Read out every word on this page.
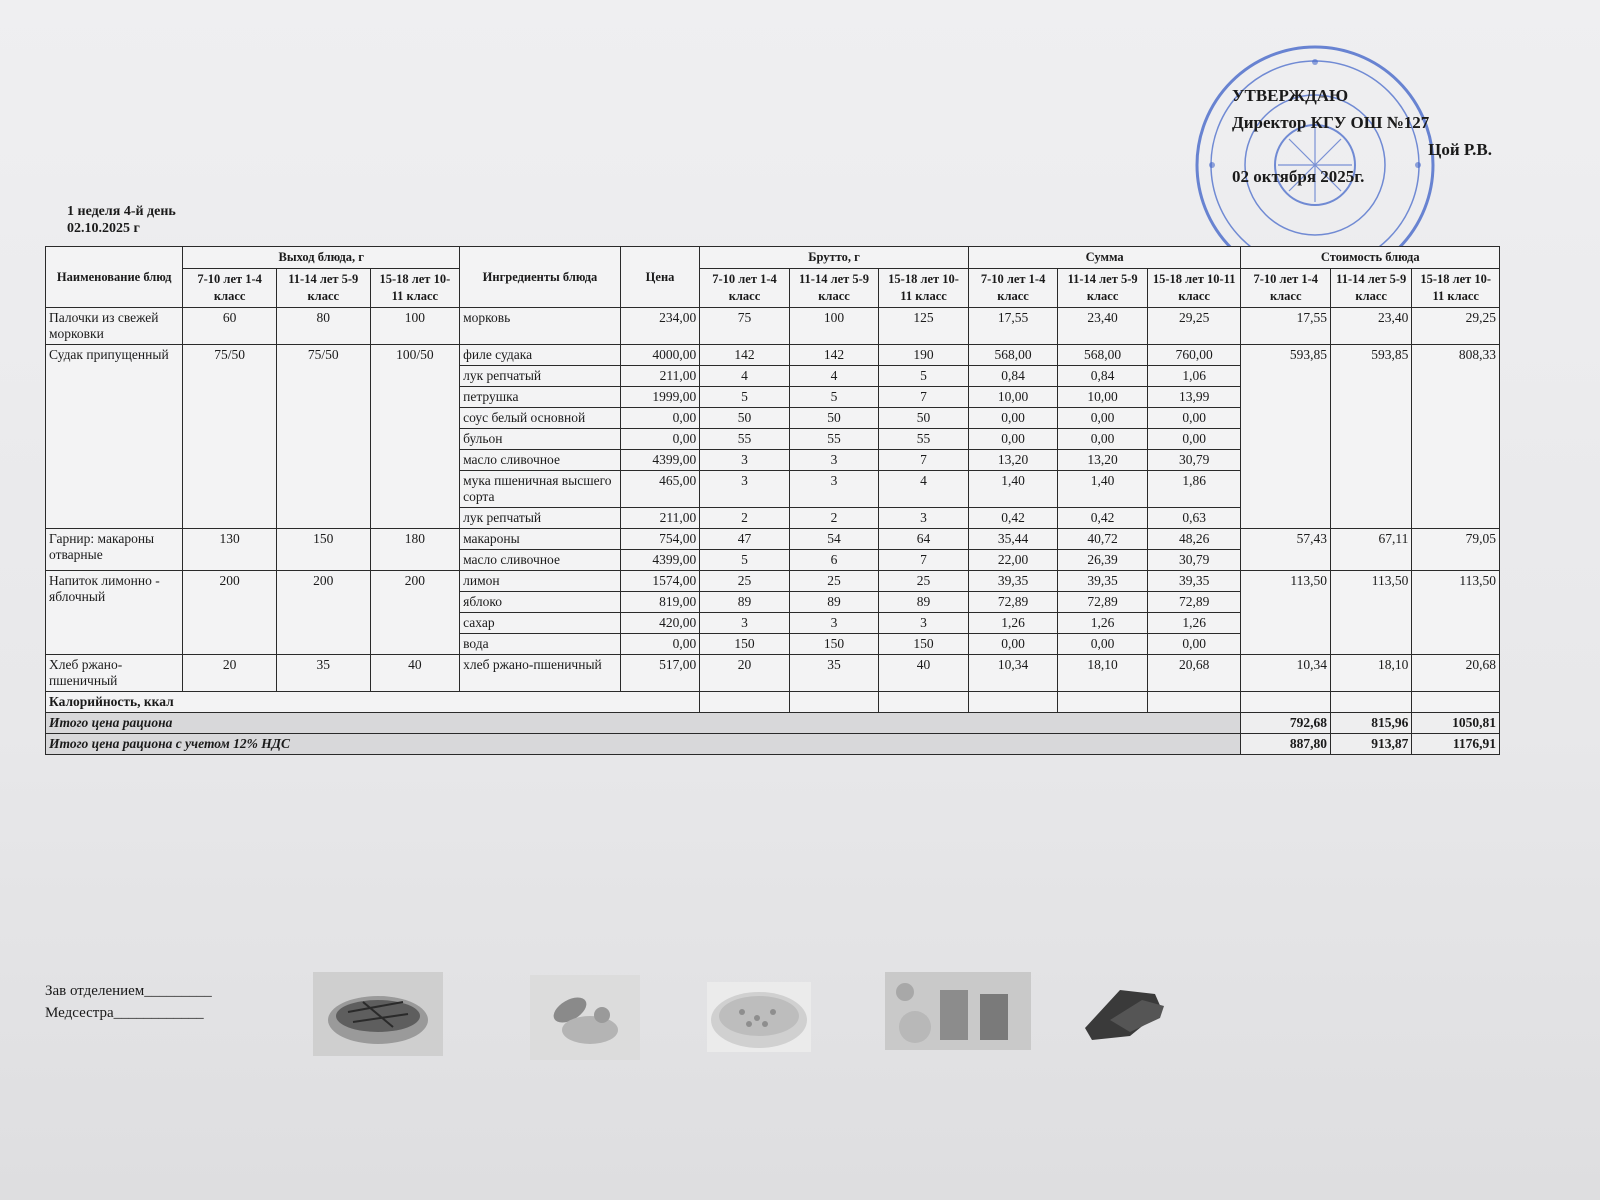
УТВЕРЖДАЮ
Директор КГУ ОШ №127
Цой Р.В.
02 октября 2025г.
1 неделя 4-й день
02.10.2025 г
Наименование блюд	Выход блюда, г			Ингредиенты блюда	Цена	Брутто, г			Сумма			Стоимость блюда		
	7-10 лет 1-4 класс	11-14 лет 5-9 класс	15-18 лет 10-11 класс			7-10 лет 1-4 класс	11-14 лет 5-9 класс	15-18 лет 10-11 класс	7-10 лет 1-4 класс	11-14 лет 5-9 класс	15-18 лет 10-11 класс	7-10 лет 1-4 класс	11-14 лет 5-9 класс	15-18 лет 10-11 класс
Палочки из свежей морковки	60	80	100	морковь	234,00	75	100	125	17,55	23,40	29,25	17,55	23,40	29,25
Судак припущенный	75/50	75/50	100/50	филе судака	4000,00	142	142	190	568,00	568,00	760,00	593,85	593,85	808,33
				лук репчатый	211,00	4	4	5	0,84	0,84	1,06			
				петрушка	1999,00	5	5	7	10,00	10,00	13,99			
				соус белый основной	0,00	50	50	50	0,00	0,00	0,00			
				бульон	0,00	55	55	55	0,00	0,00	0,00			
				масло сливочное	4399,00	3	3	7	13,20	13,20	30,79			
				мука пшеничная высшего сорта	465,00	3	3	4	1,40	1,40	1,86			
				лук репчатый	211,00	2	2	3	0,42	0,42	0,63			
Гарнир: макароны отварные	130	150	180	макароны	754,00	47	54	64	35,44	40,72	48,26	57,43	67,11	79,05
				масло сливочное	4399,00	5	6	7	22,00	26,39	30,79			
Напиток лимонно - яблочный	200	200	200	лимон	1574,00	25	25	25	39,35	39,35	39,35	113,50	113,50	113,50
				яблоко	819,00	89	89	89	72,89	72,89	72,89			
				сахар	420,00	3	3	3	1,26	1,26	1,26			
				вода	0,00	150	150	150	0,00	0,00	0,00			
Хлеб ржано-пшеничный	20	35	40	хлеб ржано-пшеничный	517,00	20	35	40	10,34	18,10	20,68	10,34	18,10	20,68
Калорийность, ккал														
Итого цена рациона												792,68	815,96	1050,81
Итого цена рациона с учетом 12% НДС												887,80	913,87	1176,91
Зав отделением_________
Медсестра____________
